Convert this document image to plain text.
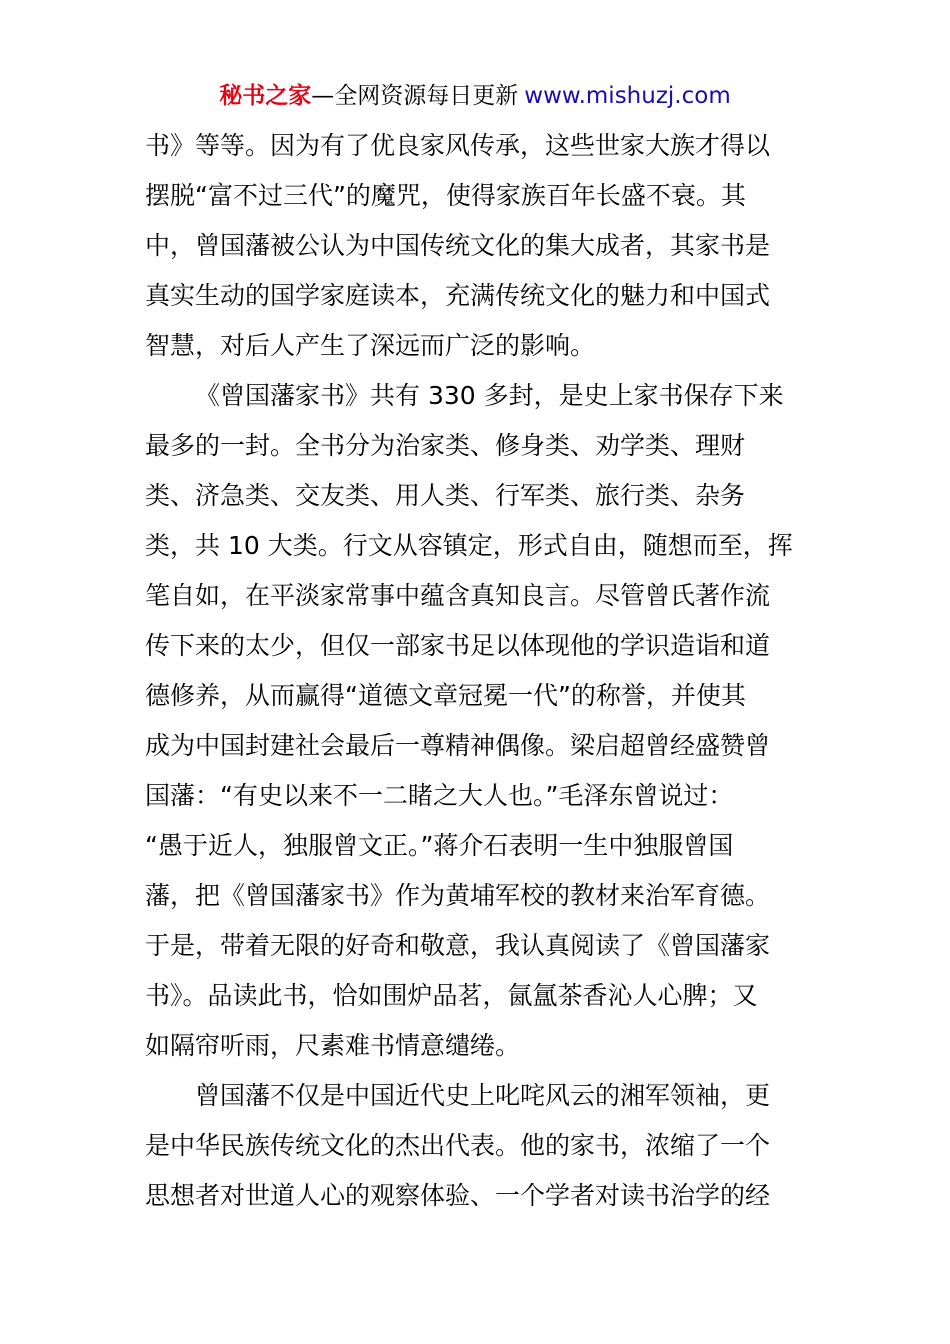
秘书之家—全网资源每日更新 www.mishuzj.com
书》等等。因为有了优良家风传承，这些世家大族才得以
摆脱“富不过三代”的魔咒，使得家族百年长盛不衰。其
中，曾国藩被公认为中国传统文化的集大成者，其家书是
真实生动的国学家庭读本，充满传统文化的魅力和中国式
智慧，对后人产生了深远而广泛的影响。
《曾国藩家书》共有 330 多封，是史上家书保存下来
最多的一封。全书分为治家类、修身类、劝学类、理财
类、济急类、交友类、用人类、行军类、旅行类、杂务
类，共 10 大类。行文从容镇定，形式自由，随想而至，挥
笔自如，在平淡家常事中蕴含真知良言。尽管曾氏著作流
传下来的太少，但仅一部家书足以体现他的学识造诣和道
德修养，从而赢得“道德文章冠冕一代”的称誉，并使其
成为中国封建社会最后一尊精神偶像。梁启超曾经盛赞曾
国藩：“有史以来不一二睹之大人也。”毛泽东曾说过：
“愚于近人，独服曾文正。”蒋介石表明一生中独服曾国
藩，把《曾国藩家书》作为黄埔军校的教材来治军育德。
于是，带着无限的好奇和敬意，我认真阅读了《曾国藩家
书》。品读此书，恰如围炉品茗，氤氲茶香沁人心脾；又
如隔帘听雨，尺素难书情意缱绻。
曾国藩不仅是中国近代史上叱咤风云的湘军领袖，更
是中华民族传统文化的杰出代表。他的家书，浓缩了一个
思想者对世道人心的观察体验、一个学者对读书治学的经
